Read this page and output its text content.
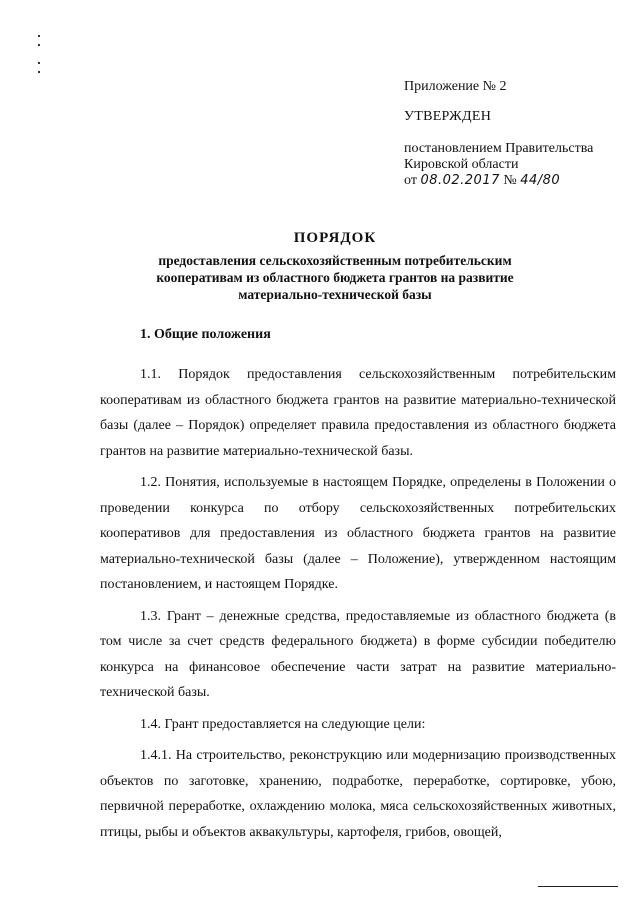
Приложение № 2
УТВЕРЖДЕН
постановлением Правительства
Кировской области
от 08.02.2017 № 44/80
ПОРЯДОК
предоставления сельскохозяйственным потребительским
кооперативам из областного бюджета грантов на развитие
материально-технической базы
1. Общие положения

1.1. Порядок предоставления сельскохозяйственным потребительским кооперативам из областного бюджета грантов на развитие материально-технической базы (далее – Порядок) определяет правила предоставления из областного бюджета грантов на развитие материально-технической базы.

1.2. Понятия, используемые в настоящем Порядке, определены в Положении о проведении конкурса по отбору сельскохозяйственных потребительских кооперативов для предоставления из областного бюджета грантов на развитие материально-технической базы (далее – Положение), утвержденном настоящим постановлением, и настоящем Порядке.

1.3. Грант – денежные средства, предоставляемые из областного бюджета (в том числе за счет средств федерального бюджета) в форме субсидии победителю конкурса на финансовое обеспечение части затрат на развитие материально-технической базы.

1.4. Грант предоставляется на следующие цели:

1.4.1. На строительство, реконструкцию или модернизацию производственных объектов по заготовке, хранению, подработке, переработке, сортировке, убою, первичной переработке, охлаждению молока, мяса сельскохозяйственных животных, птицы, рыбы и объектов аквакультуры, картофеля, грибов, овощей,
